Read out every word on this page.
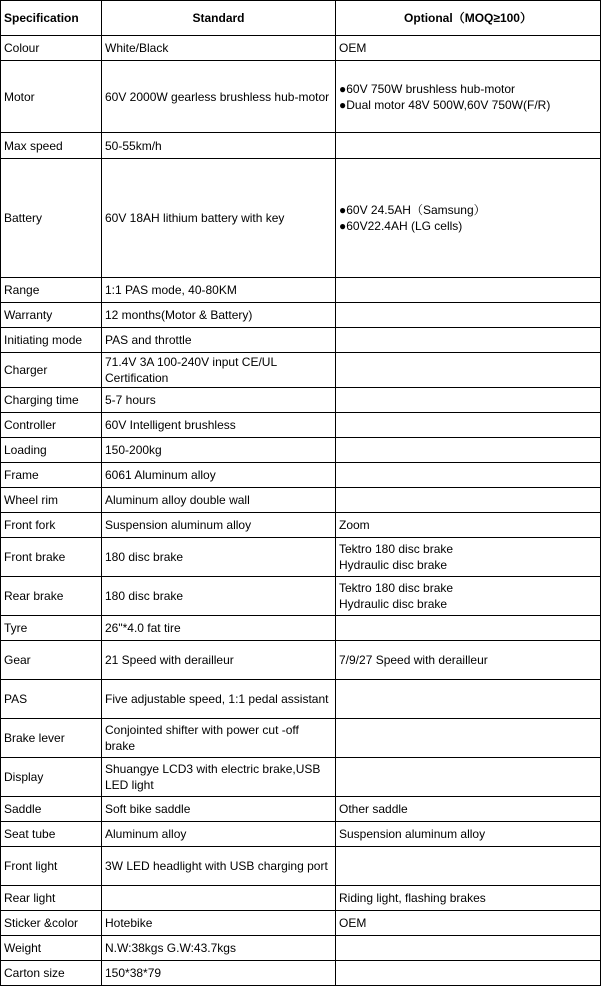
Specification	Standard	Optional（MOQ≥100）
Colour	White/Black	OEM

Motor	60V 2000W gearless brushless hub-motor	●60V 750W brushless hub-motor
●Dual motor 48V 500W,60V 750W(F/R)

Max speed	50-55km/h	
Battery	60V 18AH lithium battery with key	●60V 24.5AH（Samsung）
●60V22.4AH (LG cells)

Range	1:1 PAS mode, 40-80KM	
Warranty	12 months(Motor & Battery)	
Initiating mode	PAS and throttle	
Charger	71.4V 3A 100-240V input CE/UL Certification	
Charging time	5-7 hours	
Controller	60V Intelligent brushless	
Loading	150-200kg	
Frame	6061 Aluminum alloy	
Wheel rim	Aluminum alloy double wall	
Front fork	Suspension aluminum alloy	Zoom

Front brake	180 disc brake	Tektro 180 disc brake
Hydraulic disc brake

Rear brake	180 disc brake	Tektro 180 disc brake
Hydraulic disc brake

Tyre	26"*4.0 fat tire	
Gear	21 Speed with derailleur	7/9/27 Speed with derailleur

PAS	Five adjustable speed, 1:1 pedal assistant	
Brake lever	Conjointed shifter with power cut -off brake	
Display	Shuangye LCD3 with electric brake,USB LED light	
Saddle	Soft bike saddle	Other saddle

Seat tube	Aluminum alloy	Suspension aluminum alloy

Front light	3W LED headlight with USB charging port	
Rear light		Riding light, flashing brakes

Sticker &color	Hotebike	OEM

Weight	N.W:38kgs G.W:43.7kgs	
Carton size	150*38*79	
